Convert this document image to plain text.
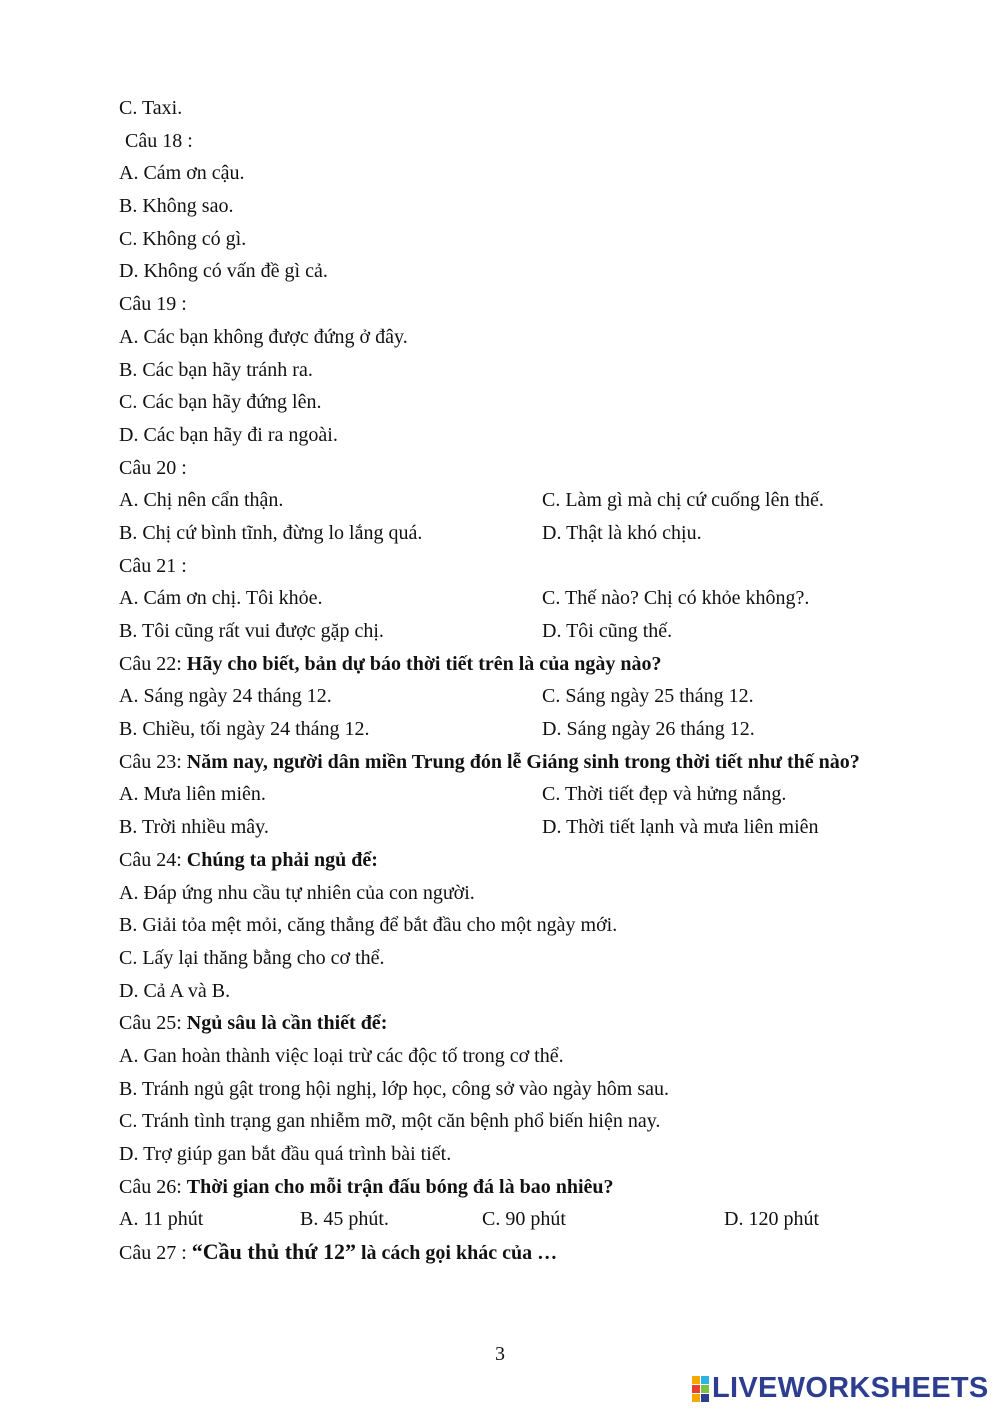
C. Taxi.
Câu 18 :
A. Cám ơn cậu.
B. Không sao.
C. Không có gì.
D. Không có vấn đề gì cả.
Câu 19 :
A. Các bạn không được đứng ở đây.
B. Các bạn hãy tránh ra.
C. Các bạn hãy đứng lên.
D. Các bạn hãy đi ra ngoài.
Câu 20 :
A. Chị nên cẩn thận.	C. Làm gì mà chị cứ cuống lên thế.
B. Chị cứ bình tĩnh, đừng lo lắng quá.	D. Thật là khó chịu.
Câu 21 :
A. Cám ơn chị. Tôi khỏe.	C. Thế nào? Chị có khỏe không?.
B. Tôi cũng rất vui được gặp chị.	D. Tôi cũng thế.
Câu 22: Hãy cho biết, bản dự báo thời tiết trên là của ngày nào?
A. Sáng ngày 24 tháng 12.	C. Sáng ngày 25 tháng 12.
B. Chiều, tối ngày 24 tháng 12.	D. Sáng ngày 26 tháng 12.
Câu 23: Năm nay, người dân miền Trung đón lễ Giáng sinh trong thời tiết như thế nào?
A. Mưa liên miên.	C. Thời tiết đẹp và hửng nắng.
B. Trời nhiều mây.	D. Thời tiết lạnh và mưa liên miên
Câu 24: Chúng ta phải ngủ để:
A. Đáp ứng nhu cầu tự nhiên của con người.
B. Giải tỏa mệt mỏi, căng thẳng để bắt đầu cho một ngày mới.
C. Lấy lại thăng bằng cho cơ thể.
D. Cả A và B.
Câu 25: Ngủ sâu là cần thiết để:
A. Gan hoàn thành việc loại trừ các độc tố trong cơ thể.
B. Tránh ngủ gật trong hội nghị, lớp học, công sở vào ngày hôm sau.
C. Tránh tình trạng gan nhiễm mỡ, một căn bệnh phổ biến hiện nay.
D. Trợ giúp gan bắt đầu quá trình bài tiết.
Câu 26: Thời gian cho mỗi trận đấu bóng đá là bao nhiêu?
A. 11 phút	B. 45 phút.	C. 90 phút	D. 120 phút
Câu 27 : “Cầu thủ thứ 12” là cách gọi khác của …
3
LIVEWORKSHEETS
